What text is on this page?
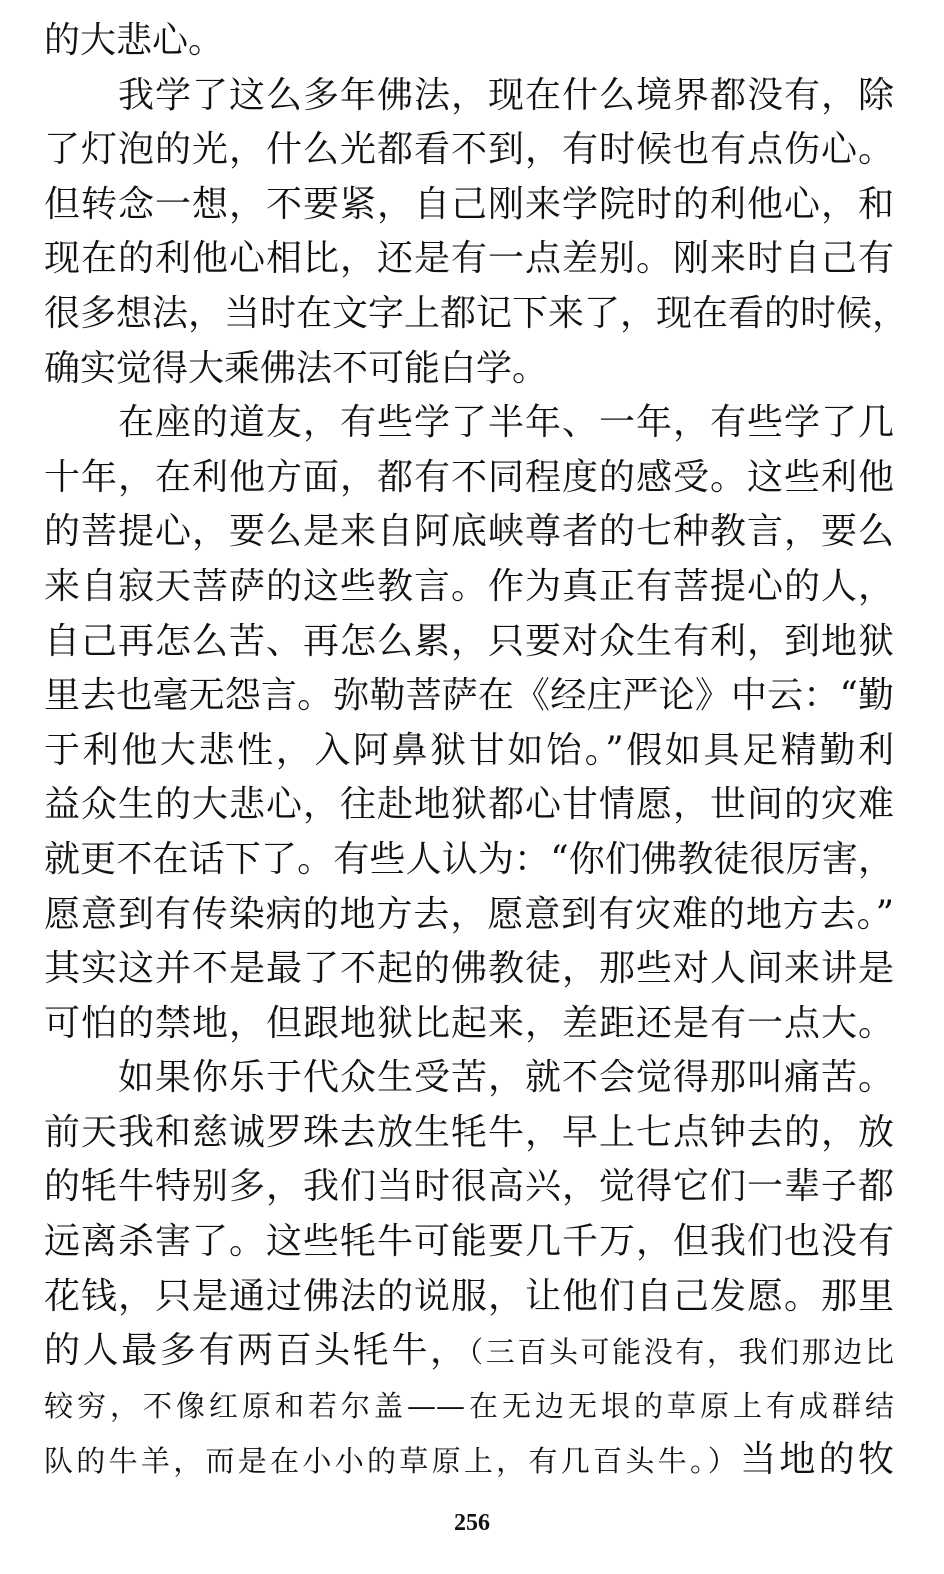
的大悲心。
我学了这么多年佛法，现在什么境界都没有，除
了灯泡的光，什么光都看不到，有时候也有点伤心。
但转念一想，不要紧，自己刚来学院时的利他心，和
现在的利他心相比，还是有一点差别。刚来时自己有
很多想法，当时在文字上都记下来了，现在看的时候，
确实觉得大乘佛法不可能白学。
在座的道友，有些学了半年、一年，有些学了几
十年，在利他方面，都有不同程度的感受。这些利他
的菩提心，要么是来自阿底峡尊者的七种教言，要么
来自寂天菩萨的这些教言。作为真正有菩提心的人，
自己再怎么苦、再怎么累，只要对众生有利，到地狱
里去也毫无怨言。弥勒菩萨在《经庄严论》中云：“勤
于利他大悲性，入阿鼻狱甘如饴。”假如具足精勤利
益众生的大悲心，往赴地狱都心甘情愿，世间的灾难
就更不在话下了。有些人认为：“你们佛教徒很厉害，
愿意到有传染病的地方去，愿意到有灾难的地方去。”
其实这并不是最了不起的佛教徒，那些对人间来讲是
可怕的禁地，但跟地狱比起来，差距还是有一点大。
如果你乐于代众生受苦，就不会觉得那叫痛苦。
前天我和慈诚罗珠去放生牦牛，早上七点钟去的，放
的牦牛特别多，我们当时很高兴，觉得它们一辈子都
远离杀害了。这些牦牛可能要几千万，但我们也没有
花钱，只是通过佛法的说服，让他们自己发愿。那里
的人最多有两百头牦牛，（三百头可能没有，我们那边比
较穷，不像红原和若尔盖——在无边无垠的草原上有成群结
队的牛羊，而是在小小的草原上，有几百头牛。）当地的牧
256
